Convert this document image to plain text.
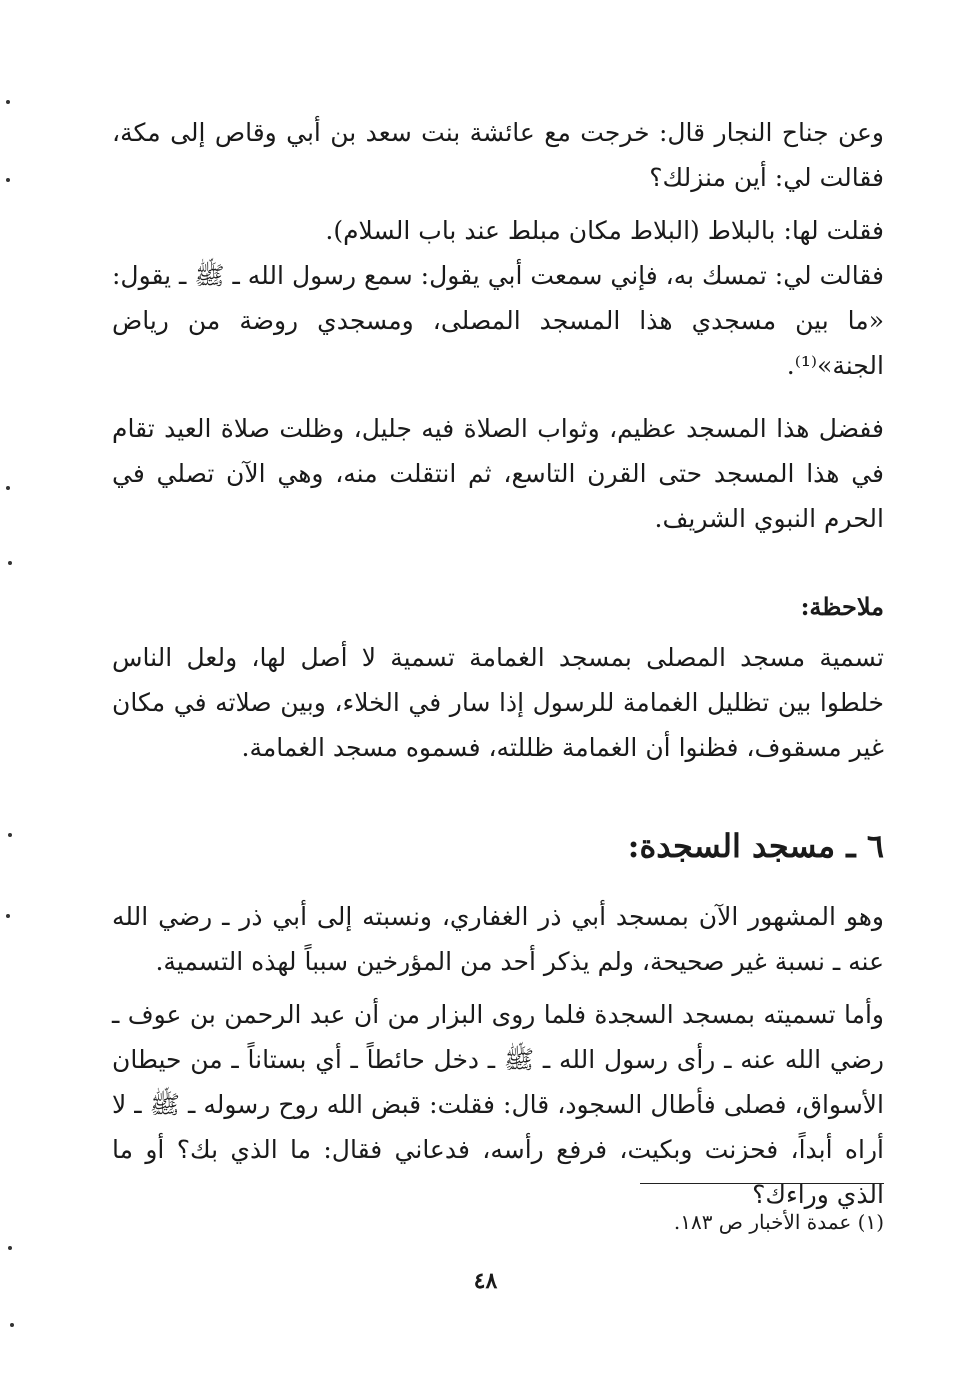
وعن جناح النجار قال: خرجت مع عائشة بنت سعد بن أبي وقاص إلى مكة، فقالت لي: أين منزلك؟

فقلت لها: بالبلاط (البلاط مكان مبلط عند باب السلام).

فقالت لي: تمسك به، فإني سمعت أبي يقول: سمع رسول الله ـ ﷺ ـ يقول: «ما بين مسجدي هذا المسجد المصلى، ومسجدي روضة من رياض الجنة»⁽¹⁾.

ففضل هذا المسجد عظيم، وثواب الصلاة فيه جليل، وظلت صلاة العيد تقام في هذا المسجد حتى القرن التاسع، ثم انتقلت منه، وهي الآن تصلي في الحرم النبوي الشريف.

ملاحظة:

تسمية مسجد المصلى بمسجد الغمامة تسمية لا أصل لها، ولعل الناس خلطوا بين تظليل الغمامة للرسول إذا سار في الخلاء، وبين صلاته في مكان غير مسقوف، فظنوا أن الغمامة ظللته، فسموه مسجد الغمامة.

٦ ـ مسجد السجدة:

وهو المشهور الآن بمسجد أبي ذر الغفاري، ونسبته إلى أبي ذر ـ رضي الله عنه ـ نسبة غير صحيحة، ولم يذكر أحد من المؤرخين سبباً لهذه التسمية.

وأما تسميته بمسجد السجدة فلما روى البزار من أن عبد الرحمن بن عوف ـ رضي الله عنه ـ رأى رسول الله ـ ﷺ ـ دخل حائطاً ـ أي بستاناً ـ من حيطان الأسواق، فصلى فأطال السجود، قال: فقلت: قبض الله روح رسوله ـ ﷺ ـ لا أراه أبداً، فحزنت وبكيت، فرفع رأسه، فدعاني فقال: ما الذي بك؟ أو ما الذي وراءك؟

(١) عمدة الأخبار ص ١٨٣.
٤٨
